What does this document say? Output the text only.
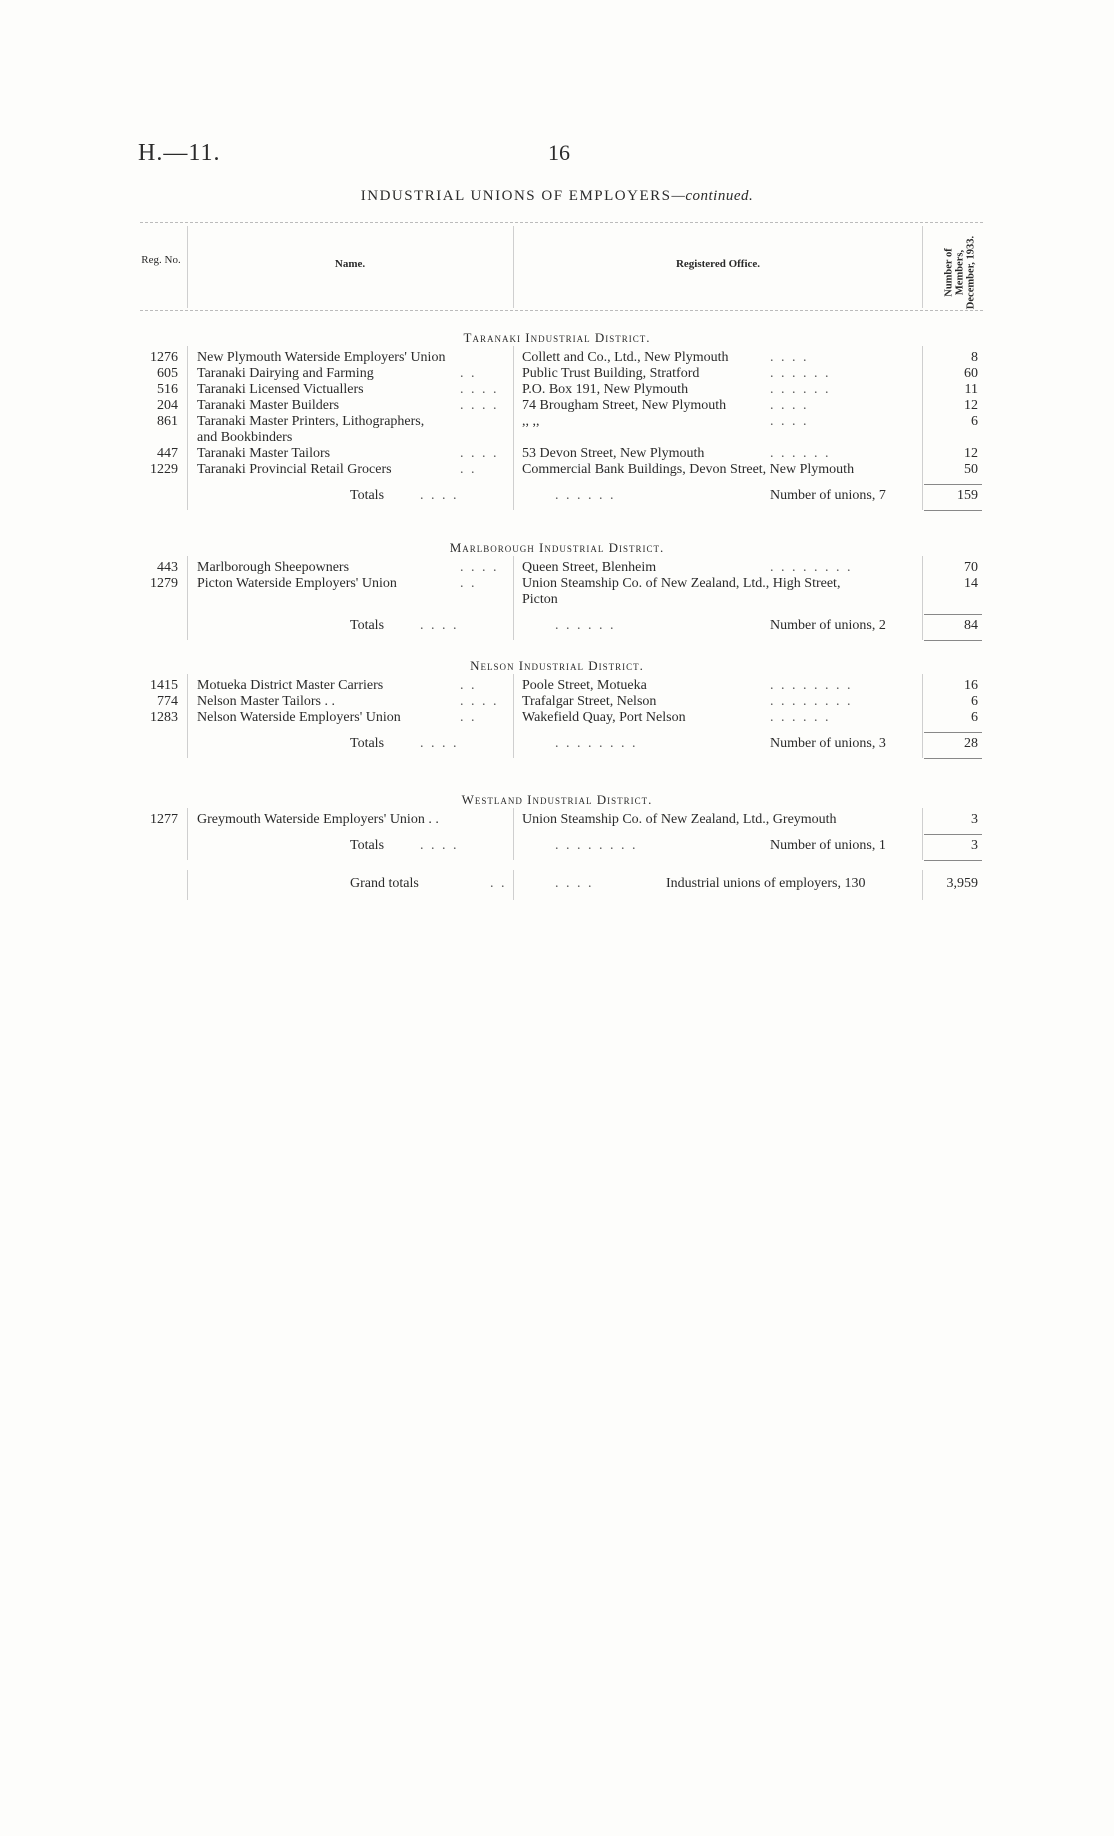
H.—11.	16
INDUSTRIAL UNIONS OF EMPLOYERS—continued.
Reg. No.	Name.	Registered Office.	Number of Members, December, 1933.
Taranaki Industrial District.
1276 New Plymouth Waterside Employers' Union	Collett and Co., Ltd., New Plymouth	. . . .	8
605 Taranaki Dairying and Farming	. .	Public Trust Building, Stratford	. . . . . .	60
516 Taranaki Licensed Victuallers	. . . . P.O. Box 191, New Plymouth	. . . . . .	11
204 Taranaki Master Builders	. . . . 74 Brougham Street, New Plymouth	. . . .	12
861 Taranaki Master Printers, Lithographers,	,, ,,	. . . .	6
and Bookbinders
447 Taranaki Master Tailors	. . . . 53 Devon Street, New Plymouth	. . . . . .	12
1229 Taranaki Provincial Retail Grocers	. .	Commercial Bank Buildings, Devon Street, New Plymouth	50
Totals	. . . .	. . . . . .	Number of unions, 7	159
Marlborough Industrial District.
443 Marlborough Sheepowners	. . . . Queen Street, Blenheim	. . . . . . . .	70
1279 Picton Waterside Employers' Union	. .	Union Steamship Co. of New Zealand, Ltd., High Street,	14
Picton
Totals	. . . .	. . . . . .	Number of unions, 2	84
Nelson Industrial District.
1415 Motueka District Master Carriers	. .	Poole Street, Motueka	. . . . . . . .	16
774 Nelson Master Tailors . .	. . . . Trafalgar Street, Nelson	. . . . . . . .	6
1283 Nelson Waterside Employers' Union	. .	Wakefield Quay, Port Nelson	. . . . . .	6
Totals	. . . .	. . . . . . . .	Number of unions, 3	28
Westland Industrial District.
1277 Greymouth Waterside Employers' Union . .	Union Steamship Co. of New Zealand, Ltd., Greymouth	3
Totals	. . . .	. . . . . . . .	Number of unions, 1	3
Grand totals	. .	. . . .	Industrial unions of employers, 130	3,959
